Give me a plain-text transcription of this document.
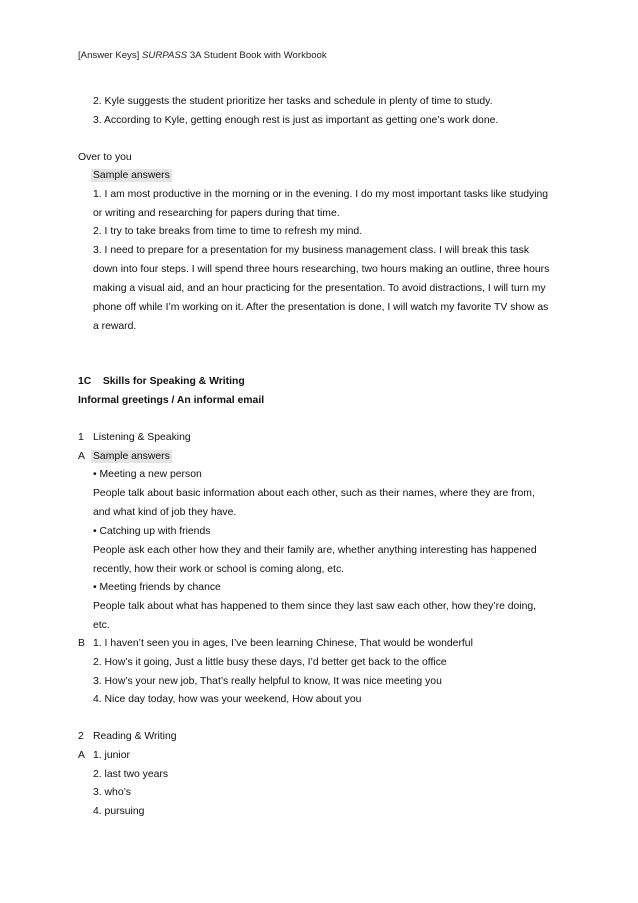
[Answer Keys] SURPASS 3A Student Book with Workbook
2. Kyle suggests the student prioritize her tasks and schedule in plenty of time to study.
3. According to Kyle, getting enough rest is just as important as getting one’s work done.
Over to you
Sample answers
1. I am most productive in the morning or in the evening. I do my most important tasks like studying
or writing and researching for papers during that time.
2. I try to take breaks from time to time to refresh my mind.
3. I need to prepare for a presentation for my business management class. I will break this task
down into four steps. I will spend three hours researching, two hours making an outline, three hours
making a visual aid, and an hour practicing for the presentation. To avoid distractions, I will turn my
phone off while I’m working on it. After the presentation is done, I will watch my favorite TV show as
a reward.
1C    Skills for Speaking & Writing
Informal greetings / An informal email
1 Listening & Speaking
A Sample answers
• Meeting a new person
People talk about basic information about each other, such as their names, where they are from,
and what kind of job they have.
• Catching up with friends
People ask each other how they and their family are, whether anything interesting has happened
recently, how their work or school is coming along, etc.
• Meeting friends by chance
People talk about what has happened to them since they last saw each other, how they’re doing,
etc.
B 1. I haven’t seen you in ages, I’ve been learning Chinese, That would be wonderful
2. How’s it going, Just a little busy these days, I’d better get back to the office
3. How’s your new job, That’s really helpful to know, It was nice meeting you
4. Nice day today, how was your weekend, How about you
2 Reading & Writing
A 1. junior
2. last two years
3. who’s
4. pursuing
